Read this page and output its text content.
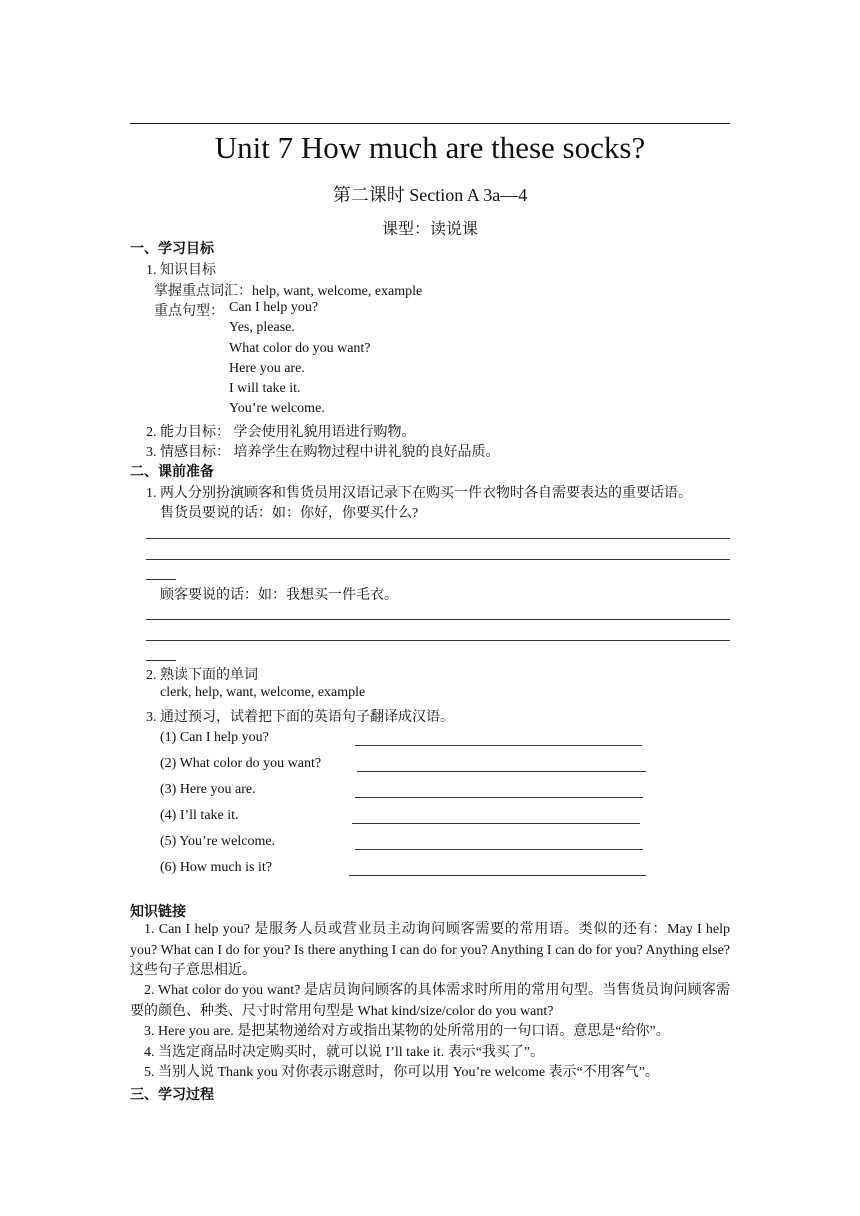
Unit 7 How much are these socks?
第二课时 Section A 3a—4
课型：读说课
一、学习目标
1. 知识目标
掌握重点词汇：help, want, welcome, example
重点句型： Can I help you?
Yes, please.
What color do you want?
Here you are.
I will take it.
You’re welcome.
2. 能力目标： 学会使用礼貌用语进行购物。
3. 情感目标： 培养学生在购物过程中讲礼貌的良好品质。
二、课前准备
1. 两人分别扮演顾客和售货员用汉语记录下在购买一件衣物时各自需要表达的重要话语。
售货员要说的话：如：你好，你要买什么?
顾客要说的话：如：我想买一件毛衣。
2. 熟读下面的单词
clerk, help, want, welcome, example
3. 通过预习，试着把下面的英语句子翻译成汉语。
(1) Can I help you?
(2) What color do you want?
(3) Here you are.
(4) I’ll take it.
(5) You’re welcome.
(6) How much is it?
知识链接
1. Can I help you? 是服务人员或营业员主动询问顾客需要的常用语。类似的还有：May I help you? What can I do for you? Is there anything I can do for you? Anything I can do for you? Anything else? 这些句子意思相近。
2. What color do you want? 是店员询问顾客的具体需求时所用的常用句型。当售货员询问顾客需要的颜色、种类、尺寸时常用句型是 What kind/size/color do you want?
3. Here you are. 是把某物递给对方或指出某物的处所常用的一句口语。意思是“给你”。
4. 当选定商品时决定购买时，就可以说 I’ll take it. 表示“我买了”。
5. 当别人说 Thank you 对你表示谢意时，你可以用 You’re welcome 表示“不用客气”。
三、学习过程
